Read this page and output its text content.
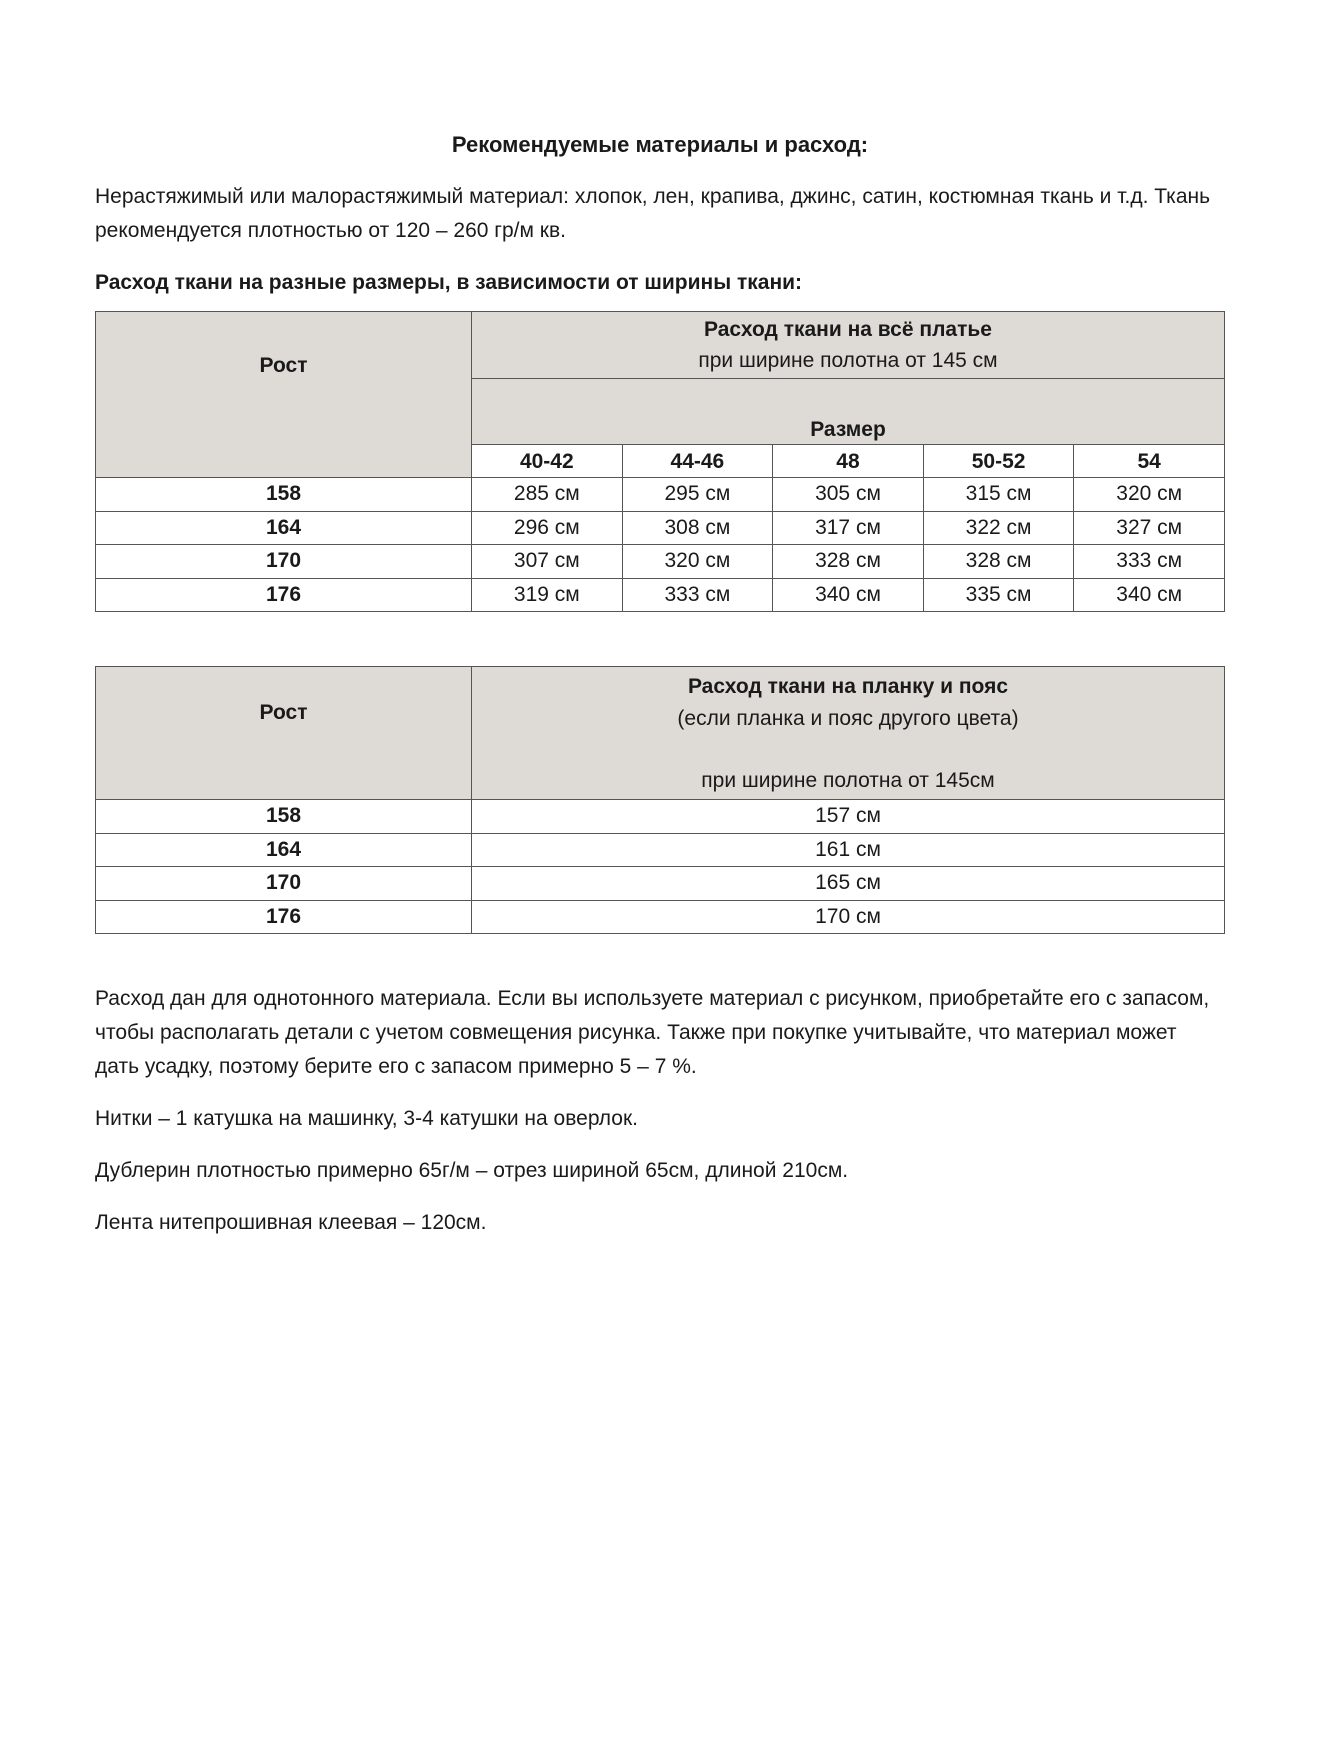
Рекомендуемые материалы и расход:
Нерастяжимый или малорастяжимый материал: хлопок, лен, крапива, джинс, сатин, костюмная ткань и т.д. Ткань рекомендуется плотностью от 120 – 260 гр/м кв.
Расход ткани на разные размеры, в зависимости от ширины ткани:
Рост	Расход ткани на всё платье
при ширине полотна от 145 см				
	Размер				
	40-42	44-46	48	50-52	54
158	285 см	295 см	305 см	315 см	320 см
164	296 см	308 см	317 см	322 см	327 см
170	307 см	320 см	328 см	328 см	333 см
176	319 см	333 см	340 см	335 см	340 см
Рост	Расход ткани на планку и пояс
(если планка и пояс другого цвета)

при ширине полотна от 145см
158	157 см
164	161 см
170	165 см
176	170 см
Расход дан для однотонного материала. Если вы используете материал с рисунком, приобретайте его с запасом, чтобы располагать детали с учетом совмещения рисунка. Также при покупке учитывайте, что материал может дать усадку, поэтому берите его с запасом примерно 5 – 7 %.
Нитки – 1 катушка на машинку, 3-4 катушки на оверлок.
Дублерин плотностью примерно 65г/м – отрез шириной 65см, длиной 210см.
Лента нитепрошивная клеевая – 120см.
